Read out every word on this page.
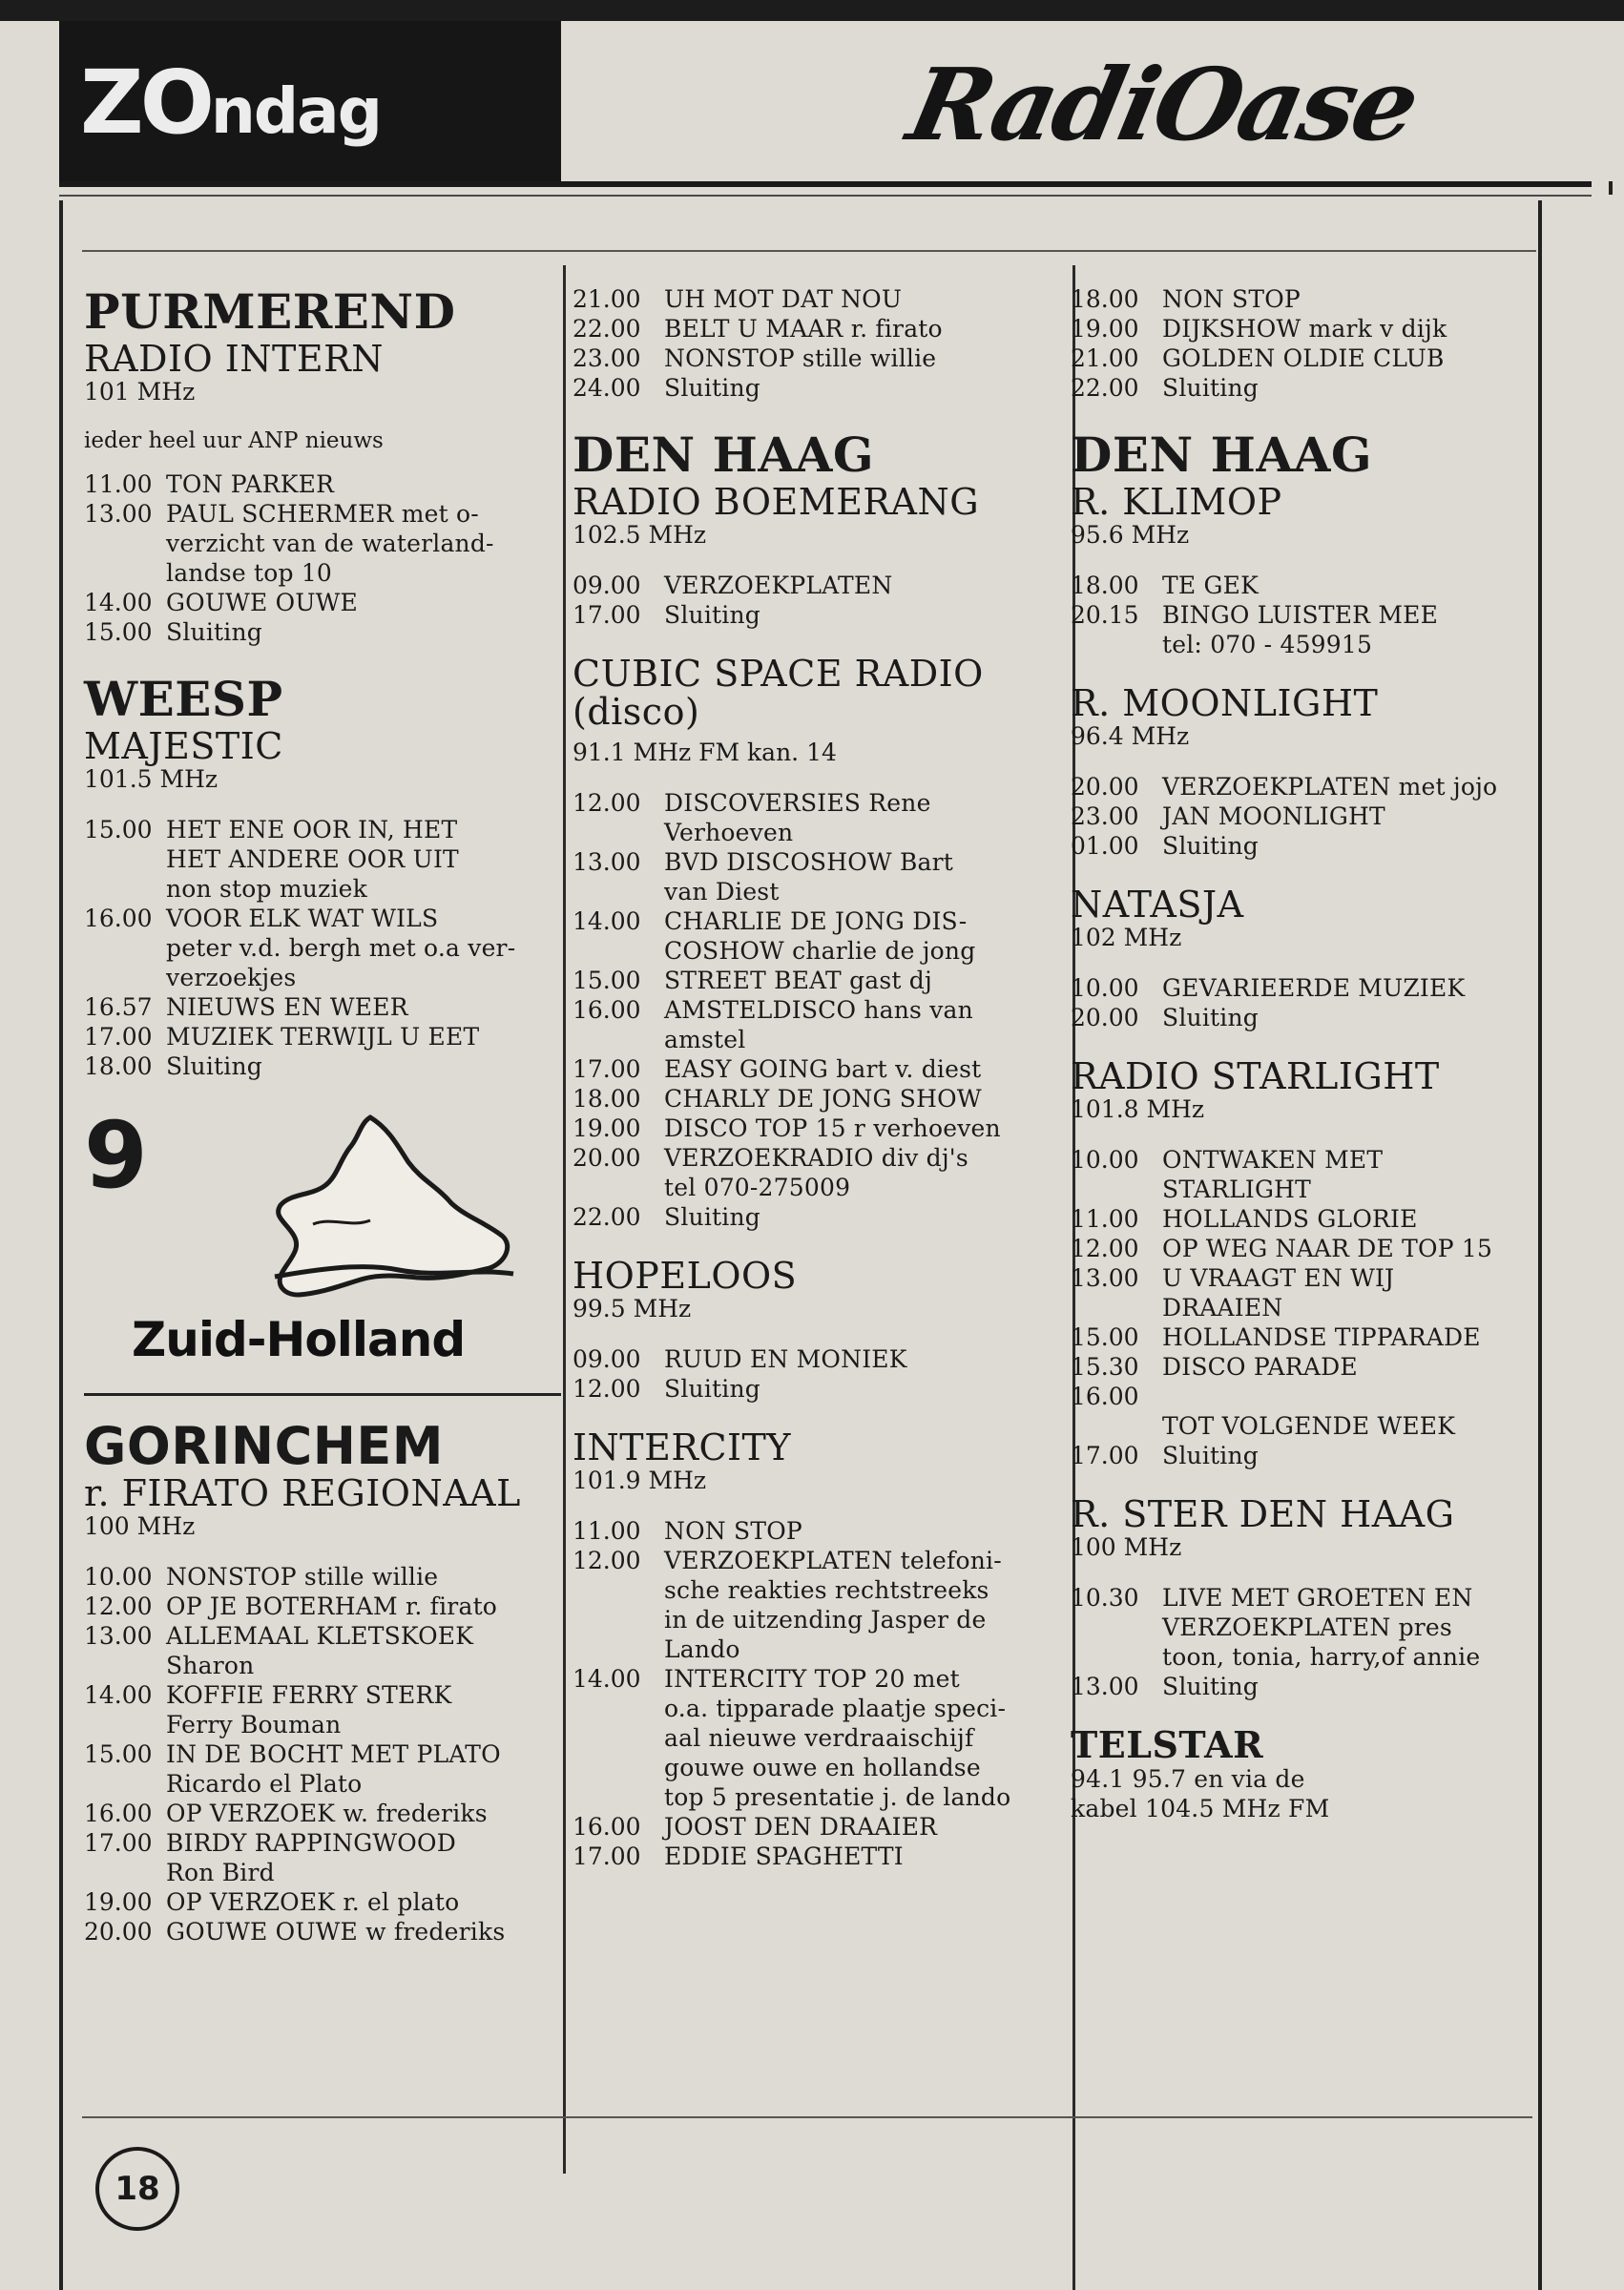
ZOndag	RadiOase
PURMEREND
RADIO INTERN
101 MHz
ieder heel uur ANP nieuws
11.00 TON PARKER
13.00 PAUL SCHERMER met o-
verzicht van de waterland-
landse top 10
14.00 GOUWE OUWE
15.00 Sluiting
WEESP
MAJESTIC
101.5 MHz
15.00 HET ENE OOR IN, HET
HET ANDERE OOR UIT
non stop muziek
16.00 VOOR ELK WAT WILS
peter v.d. bergh met o.a ver-
verzoekjes
16.57 NIEUWS EN WEER
17.00 MUZIEK TERWIJL U EET
18.00 Sluiting
9
Zuid-Holland
GORINCHEM
r. FIRATO REGIONAAL
100 MHz
10.00 NONSTOP stille willie
12.00 OP JE BOTERHAM r. firato
13.00 ALLEMAAL KLETSKOEK
Sharon
14.00 KOFFIE FERRY STERK
Ferry Bouman
15.00 IN DE BOCHT MET PLATO
Ricardo el Plato
16.00 OP VERZOEK w. frederiks
17.00 BIRDY RAPPINGWOOD
Ron Bird
19.00 OP VERZOEK r. el plato
20.00 GOUWE OUWE w frederiks
21.00 UH MOT DAT NOU
22.00 BELT U MAAR r. firato
23.00 NONSTOP stille willie
24.00 Sluiting
DEN HAAG
RADIO BOEMERANG
102.5 MHz
09.00 VERZOEKPLATEN
17.00 Sluiting
CUBIC SPACE RADIO
(disco)
91.1 MHz FM kan. 14
12.00 DISCOVERSIES Rene
Verhoeven
13.00 BVD DISCOSHOW Bart
van Diest
14.00 CHARLIE DE JONG DIS-
COSHOW charlie de jong
15.00 STREET BEAT gast dj
16.00 AMSTELDISCO hans van
amstel
17.00 EASY GOING bart v. diest
18.00 CHARLY DE JONG SHOW
19.00 DISCO TOP 15 r verhoeven
20.00 VERZOEKRADIO div dj's
tel 070-275009
22.00 Sluiting
HOPELOOS
99.5 MHz
09.00 RUUD EN MONIEK
12.00 Sluiting
INTERCITY
101.9 MHz
11.00 NON STOP
12.00 VERZOEKPLATEN telefoni-
sche reakties rechtstreeks
in de uitzending Jasper de
Lando
14.00 INTERCITY TOP 20 met
o.a. tipparade plaatje speci-
aal nieuwe verdraaischijf
gouwe ouwe en hollandse
top 5 presentatie j. de lando
16.00 JOOST DEN DRAAIER
17.00 EDDIE SPAGHETTI
18.00 NON STOP
19.00 DIJKSHOW mark v dijk
21.00 GOLDEN OLDIE CLUB
22.00 Sluiting
DEN HAAG
R. KLIMOP
95.6 MHz
18.00 TE GEK
20.15 BINGO LUISTER MEE
tel: 070 - 459915
R. MOONLIGHT
96.4 MHz
20.00 VERZOEKPLATEN met jojo
23.00 JAN MOONLIGHT
01.00 Sluiting
NATASJA
102 MHz
10.00 GEVARIEERDE MUZIEK
20.00 Sluiting
RADIO STARLIGHT
101.8 MHz
10.00 ONTWAKEN MET
STARLIGHT
11.00 HOLLANDS GLORIE
12.00 OP WEG NAAR DE TOP 15
13.00 U VRAAGT EN WIJ
DRAAIEN
15.00 HOLLANDSE TIPPARADE
15.30 DISCO PARADE
16.00

TOT VOLGENDE WEEK
17.00 Sluiting
R. STER DEN HAAG
100 MHz
10.30 LIVE MET GROETEN EN
VERZOEKPLATEN pres
toon, tonia, harry,of annie
13.00 Sluiting
TELSTAR
94.1 95.7 en via de
kabel 104.5 MHz FM
18
